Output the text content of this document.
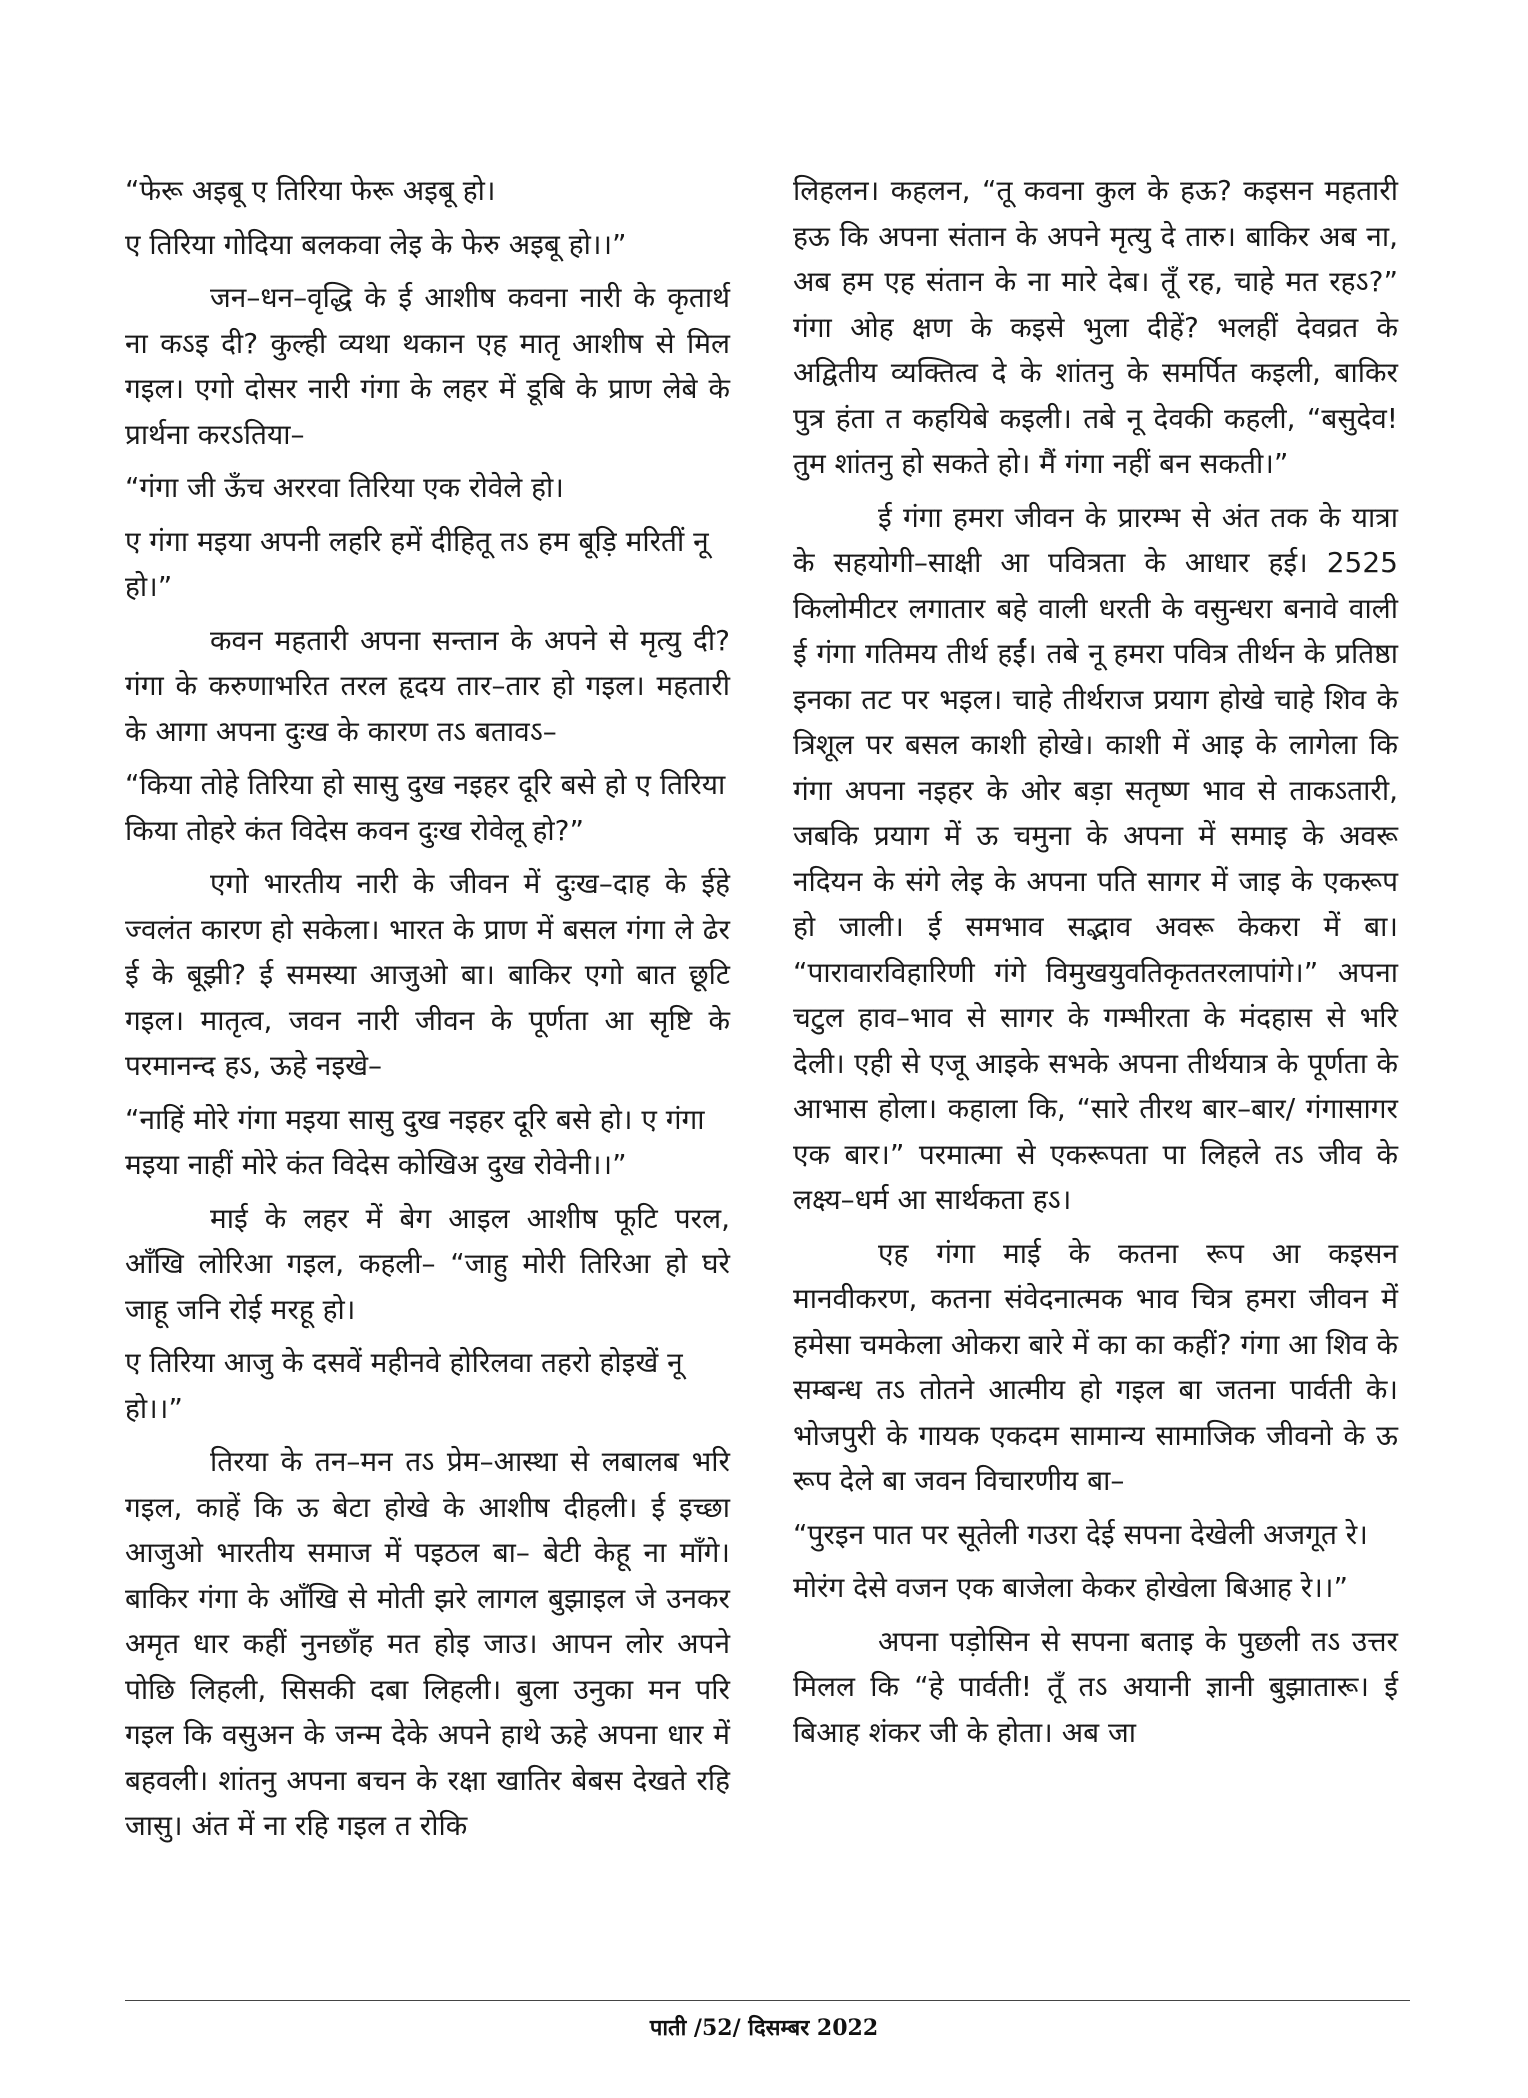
“फेरू अइबू ए तिरिया फेरू अइबू हो।

ए तिरिया गोदिया बलकवा लेइ के फेरु अइबू हो।।”

जन–धन–वृद्धि के ई आशीष कवना नारी के कृतार्थ ना कऽइ दी? कुल्ही व्यथा थकान एह मातृ आशीष से मिल गइल। एगो दोसर नारी गंगा के लहर में डूबि के प्राण लेबे के प्रार्थना करऽतिया–

“गंगा जी ऊँच अररवा तिरिया एक रोवेले हो।

ए गंगा मइया अपनी लहरि हमें दीहितू तऽ हम बूड़ि मरितीं नू हो।”

कवन महतारी अपना सन्तान के अपने से मृत्यु दी? गंगा के करुणाभरित तरल हृदय तार–तार हो गइल। महतारी के आगा अपना दुःख के कारण तऽ बतावऽ–

“किया तोहे तिरिया हो सासु दुख नइहर दूरि बसे हो ए तिरिया किया तोहरे कंत विदेस कवन दुःख रोवेलू हो?”

एगो भारतीय नारी के जीवन में दुःख–दाह के ईहे ज्वलंत कारण हो सकेला। भारत के प्राण में बसल गंगा ले ढेर ई के बूझी? ई समस्या आजुओ बा। बाकिर एगो बात छूटि गइल। मातृत्व, जवन नारी जीवन के पूर्णता आ सृष्टि के परमानन्द हऽ, ऊहे नइखे–

“नाहिं मोरे गंगा मइया सासु दुख नइहर दूरि बसे हो। ए गंगा मइया नाहीं मोरे कंत विदेस कोखिअ दुख रोवेनी।।”

माई के लहर में बेग आइल आशीष फूटि परल, आँखि लोरिआ गइल, कहली– “जाहु मोरी तिरिआ हो घरे जाहू जनि रोई मरहू हो।

ए तिरिया आजु के दसवें महीनवे होरिलवा तहरो होइखें नू हो।।”

तिरया के तन–मन तऽ प्रेम–आस्था से लबालब भरि गइल, काहें कि ऊ बेटा होखे के आशीष दीहली। ई इच्छा आजुओ भारतीय समाज में पइठल बा– बेटी केहू ना माँगे। बाकिर गंगा के आँखि से मोती झरे लागल बुझाइल जे उनकर अमृत धार कहीं नुनछाँह मत होइ जाउ। आपन लोर अपने पोछि लिहली, सिसकी दबा लिहली। बुला उनुका मन परि गइल कि वसुअन के जन्म देके अपने हाथे ऊहे अपना धार में बहवली। शांतनु अपना बचन के रक्षा खातिर बेबस देखते रहि जासु। अंत में ना रहि गइल त रोकि

लिहलन। कहलन, “तू कवना कुल के हऊ? कइसन महतारी हऊ कि अपना संतान के अपने मृत्यु दे तारु। बाकिर अब ना, अब हम एह संतान के ना मारे देब। तूँ रह, चाहे मत रहऽ?” गंगा ओह क्षण के कइसे भुला दीहें? भलहीं देवव्रत के अद्वितीय व्यक्तित्व दे के शांतनु के समर्पित कइली, बाकिर पुत्र हंता त कहयिबे कइली। तबे नू देवकी कहली, “बसुदेव! तुम शांतनु हो सकते हो। मैं गंगा नहीं बन सकती।”

ई गंगा हमरा जीवन के प्रारम्भ से अंत तक के यात्रा के सहयोगी–साक्षी आ पवित्रता के आधार हई। 2525 किलोमीटर लगातार बहे वाली धरती के वसुन्धरा बनावे वाली ई गंगा गतिमय तीर्थ हईं। तबे नू हमरा पवित्र तीर्थन के प्रतिष्ठा इनका तट पर भइल। चाहे तीर्थराज प्रयाग होखे चाहे शिव के त्रिशूल पर बसल काशी होखे। काशी में आइ के लागेला कि गंगा अपना नइहर के ओर बड़ा सतृष्ण भाव से ताकऽतारी, जबकि प्रयाग में ऊ चमुना के अपना में समाइ के अवरू नदियन के संगे लेइ के अपना पति सागर में जाइ के एकरूप हो जाली। ई समभाव सद्भाव अवरू केकरा में बा। “पारावारविहारिणी गंगे विमुखयुवतिकृततरलापांगे।” अपना चटुल हाव–भाव से सागर के गम्भीरता के मंदहास से भरि देली। एही से एजू आइके सभके अपना तीर्थयात्र के पूर्णता के आभास होला। कहाला कि, “सारे तीरथ बार–बार/ गंगासागर एक बार।” परमात्मा से एकरूपता पा लिहले तऽ जीव के लक्ष्य–धर्म आ सार्थकता हऽ।

एह गंगा माई के कतना रूप आ कइसन मानवीकरण, कतना संवेदनात्मक भाव चित्र हमरा जीवन में हमेसा चमकेला ओकरा बारे में का का कहीं? गंगा आ शिव के सम्बन्ध तऽ तोतने आत्मीय हो गइल बा जतना पार्वती के। भोजपुरी के गायक एकदम सामान्य सामाजिक जीवनो के ऊ रूप देले बा जवन विचारणीय बा–

“पुरइन पात पर सूतेली गउरा देई सपना देखेली अजगूत रे।

मोरंग देसे वजन एक बाजेला केकर होखेला बिआह रे।।”

अपना पड़ोसिन से सपना बताइ के पुछली तऽ उत्तर मिलल कि “हे पार्वती! तूँ तऽ अयानी ज्ञानी बुझातारू। ई बिआह शंकर जी के होता। अब जा

पाती /52/ दिसम्बर 2022
